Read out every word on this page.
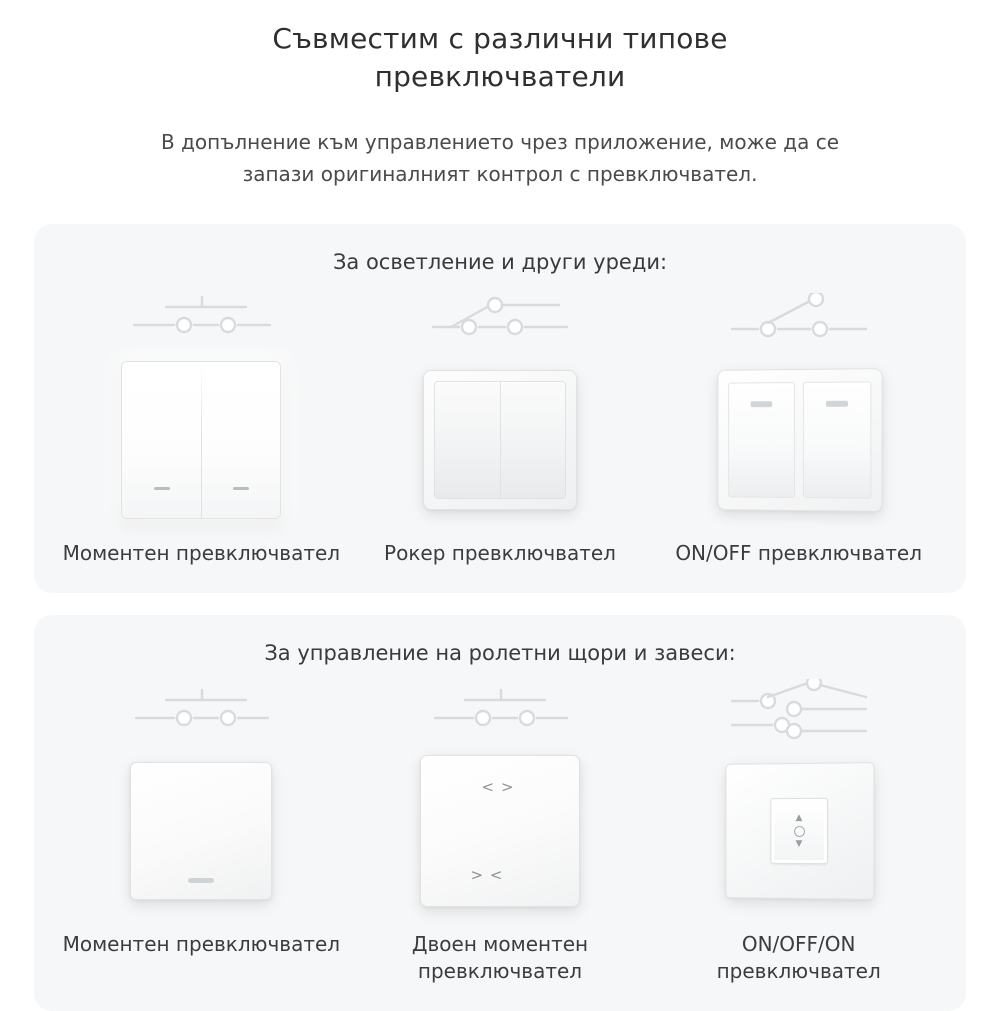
Съвместим с различни типове превключватели
В допълнение към управлението чрез приложение, може да се запази оригиналният контрол с превключвател.
За осветление и други уреди:
Моментен превключвател Рокер превключвател	ON/OFF превключвател
За управление на ролетни щори и завеси:
Моментен превключвател
< >
> <
Двоен моментен превключвател
▲
▼
ON/OFF/ON превключвател
